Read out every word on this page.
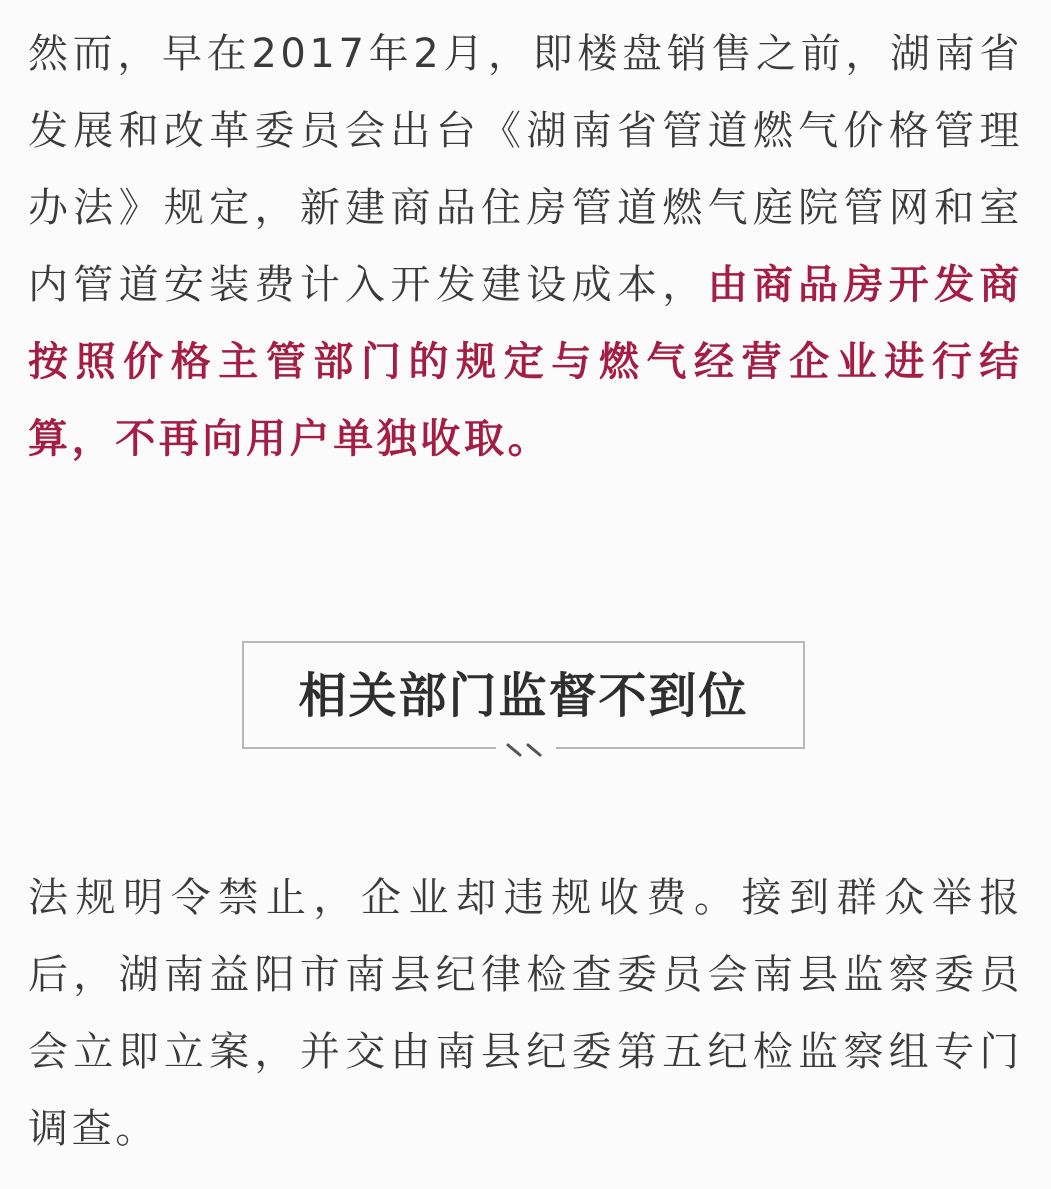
然而，早在2017年2月，即楼盘销售之前，湖南省发展和改革委员会出台《湖南省管道燃气价格管理办法》规定，新建商品住房管道燃气庭院管网和室内管道安装费计入开发建设成本，由商品房开发商按照价格主管部门的规定与燃气经营企业进行结算，不再向用户单独收取。

相关部门监督不到位

法规明令禁止，企业却违规收费。接到群众举报后，湖南益阳市南县纪律检查委员会南县监察委员会立即立案，并交由南县纪委第五纪检监察组专门调查。
